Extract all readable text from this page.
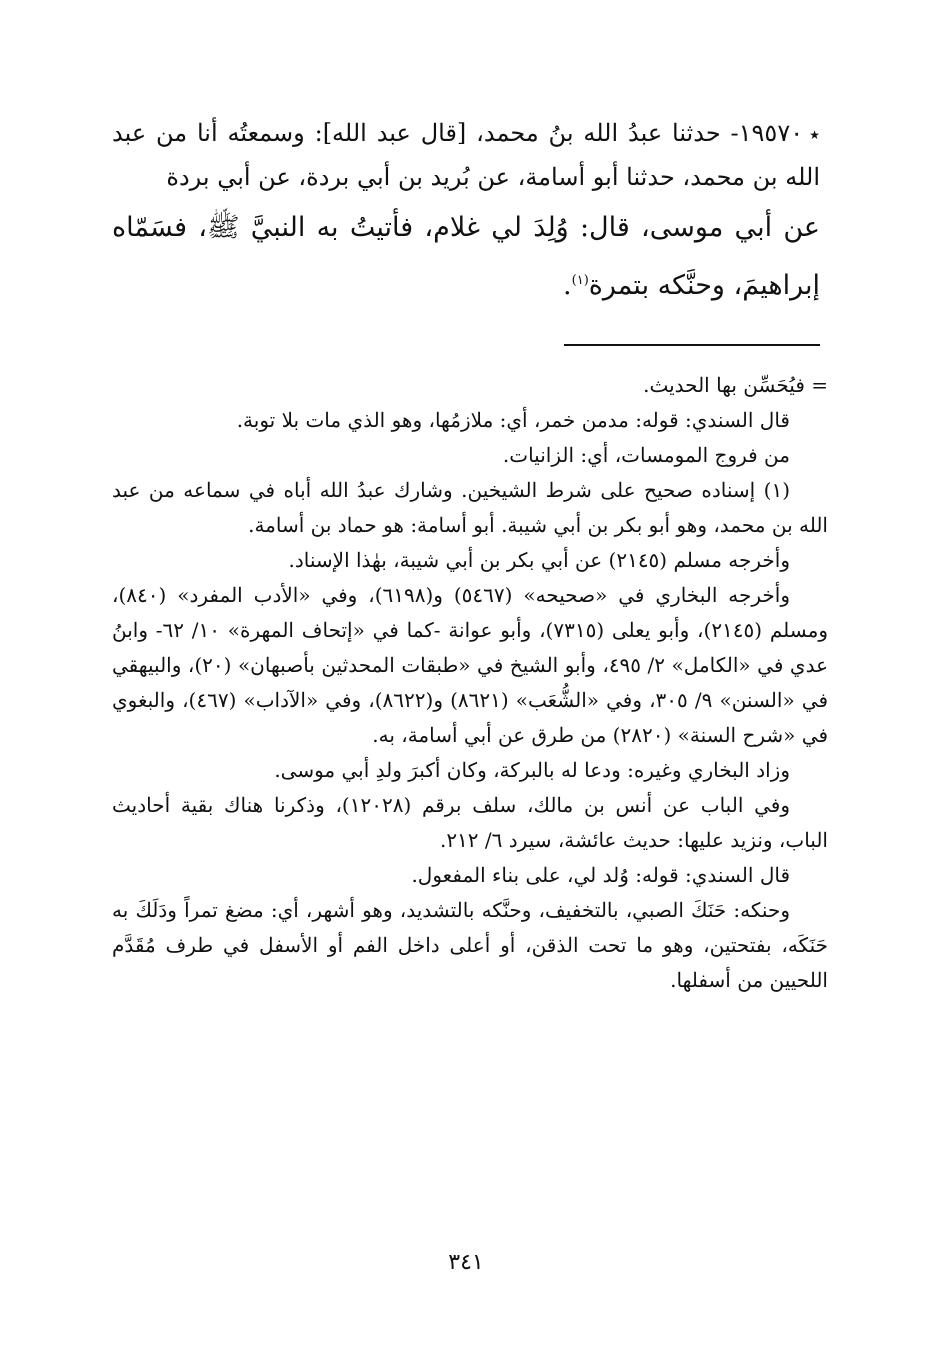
٭١٩٥٧٠- حدثنا عبدُ الله بنُ محمد، [قال عبد الله]: وسمعتُه أنا من عبد الله بن محمد، حدثنا أبو أسامة، عن بُريد بن أبي بردة، عن أبي بردة

عن أبي موسى، قال: وُلِدَ لي غلام، فأتيتُ به النبيَّ ﷺ، فسَمّاه إبراهيمَ، وحنَّكه بتمرة$^{(١)}$.

= فيُحَسِّن بها الحديث.

قال السندي: قوله: مدمن خمر، أي: ملازمُها، وهو الذي مات بلا توبة.

من فروج المومسات، أي: الزانيات.

(١) إسناده صحيح على شرط الشيخين. وشارك عبدُ الله أباه في سماعه من عبد الله بن محمد، وهو أبو بكر بن أبي شيبة. أبو أسامة: هو حماد بن أسامة.

وأخرجه مسلم (٢١٤٥) عن أبي بكر بن أبي شيبة، بهٰذا الإسناد.

وأخرجه البخاري في «صحيحه» (٥٤٦٧) و(٦١٩٨)، وفي «الأدب المفرد» (٨٤٠)، ومسلم (٢١٤٥)، وأبو يعلى (٧٣١٥)، وأبو عوانة -كما في «إتحاف المهرة» ١٠/ ٦٢- وابنُ عدي في «الكامل» ٢/ ٤٩٥، وأبو الشيخ في «طبقات المحدثين بأصبهان» (٢٠)، والبيهقي في «السنن» ٩/ ٣٠٥، وفي «الشُّعَب» (٨٦٢١) و(٨٦٢٢)، وفي «الآداب» (٤٦٧)، والبغوي في «شرح السنة» (٢٨٢٠) من طرق عن أبي أسامة، به.

وزاد البخاري وغيره: ودعا له بالبركة، وكان أكبرَ ولدِ أبي موسى.

وفي الباب عن أنس بن مالك، سلف برقم (١٢٠٢٨)، وذكرنا هناك بقية أحاديث الباب، ونزيد عليها: حديث عائشة، سيرد ٦/ ٢١٢.

قال السندي: قوله: وُلد لي، على بناء المفعول.

وحنكه: حَنَكَ الصبي، بالتخفيف، وحنَّكه بالتشديد، وهو أشهر، أي: مضغ تمراً ودَلَكَ به حَنَكَه، بفتحتين، وهو ما تحت الذقن، أو أعلى داخل الفم أو الأسفل في طرف مُقَدَّم اللحيين من أسفلها.

٣٤١
